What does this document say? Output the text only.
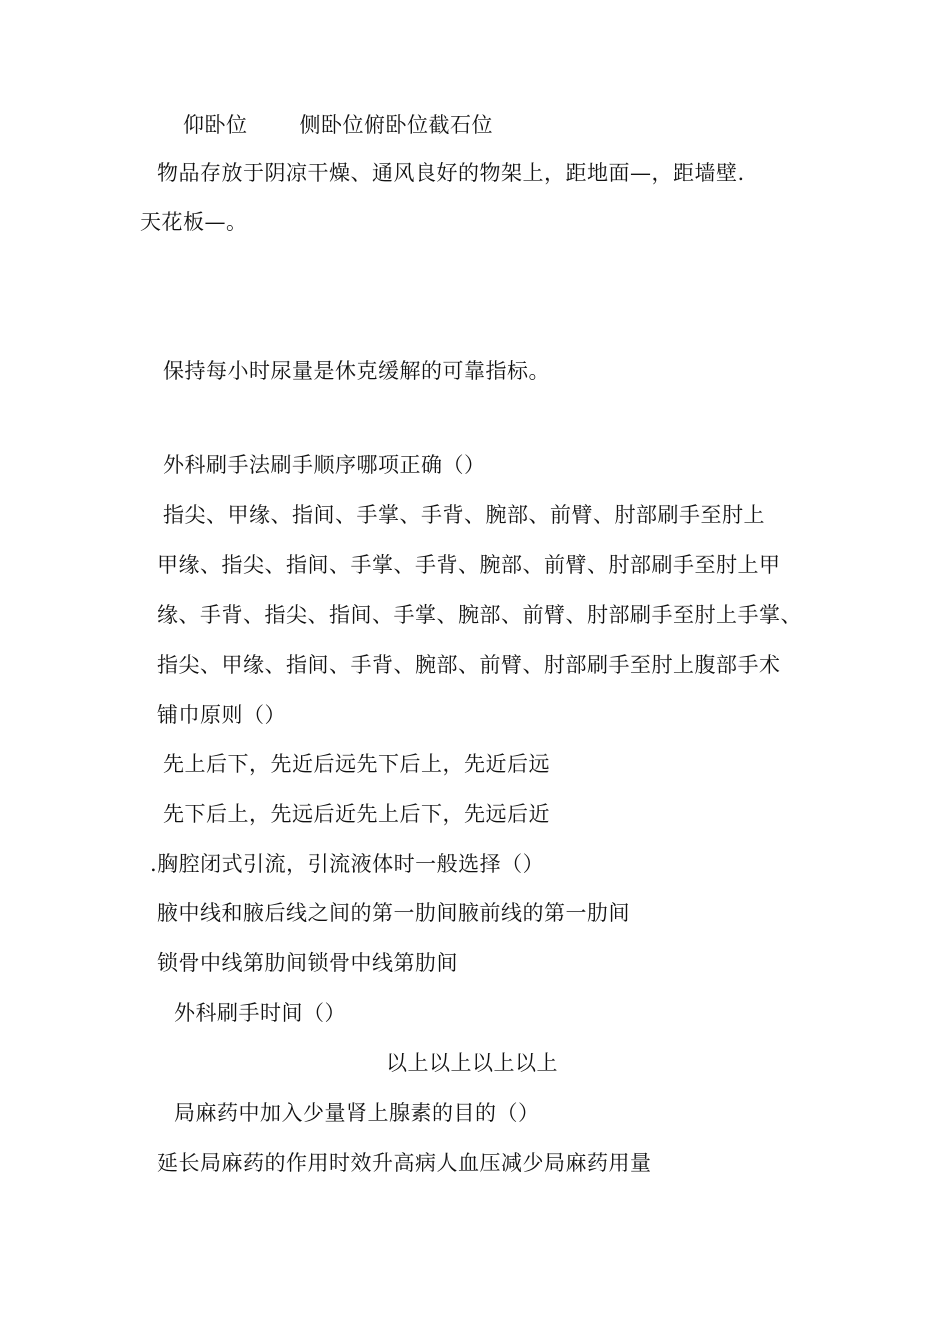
仰卧位 侧卧位俯卧位截石位
物品存放于阴凉干燥、通风良好的物架上，距地面—，距墙壁.
天花板—。
保持每小时尿量是休克缓解的可靠指标。
外科刷手法刷手顺序哪项正确（）
指尖、甲缘、指间、手掌、手背、腕部、前臂、肘部刷手至肘上
甲缘、指尖、指间、手掌、手背、腕部、前臂、肘部刷手至肘上甲
缘、手背、指尖、指间、手掌、腕部、前臂、肘部刷手至肘上手掌、
指尖、甲缘、指间、手背、腕部、前臂、肘部刷手至肘上腹部手术
铺巾原则（）
先上后下，先近后远先下后上，先近后远
先下后上，先远后近先上后下，先远后近
.胸腔闭式引流，引流液体时一般选择（）
腋中线和腋后线之间的第一肋间腋前线的第一肋间
锁骨中线第肋间锁骨中线第肋间
外科刷手时间（）
以上以上以上以上
局麻药中加入少量肾上腺素的目的（）
延长局麻药的作用时效升高病人血压减少局麻药用量
